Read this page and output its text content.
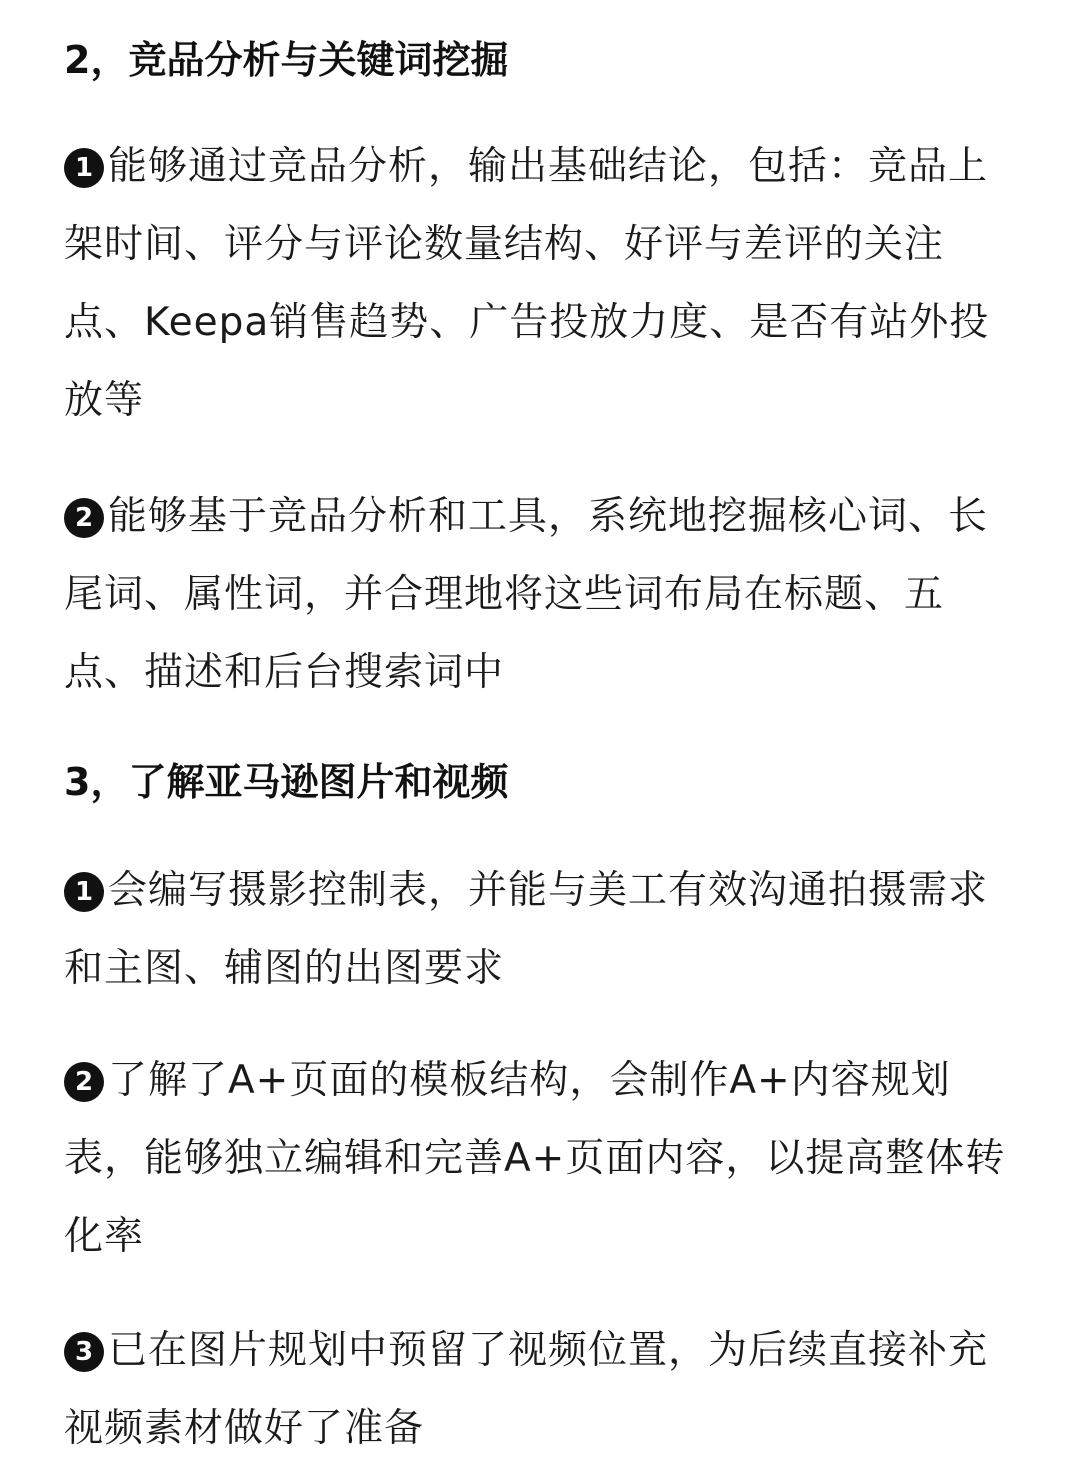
2，竞品分析与关键词挖掘
1 能够通过竞品分析，输出基础结论，包括：竞品上架时间、评分与评论数量结构、好评与差评的关注点、Keepa销售趋势、广告投放力度、是否有站外投放等
2 能够基于竞品分析和工具，系统地挖掘核心词、长尾词、属性词，并合理地将这些词布局在标题、五点、描述和后台搜索词中
3，了解亚马逊图片和视频
1 会编写摄影控制表，并能与美工有效沟通拍摄需求和主图、辅图的出图要求
2 了解了A+页面的模板结构，会制作A+内容规划表，能够独立编辑和完善A+页面内容，以提高整体转化率
3 已在图片规划中预留了视频位置，为后续直接补充视频素材做好了准备
